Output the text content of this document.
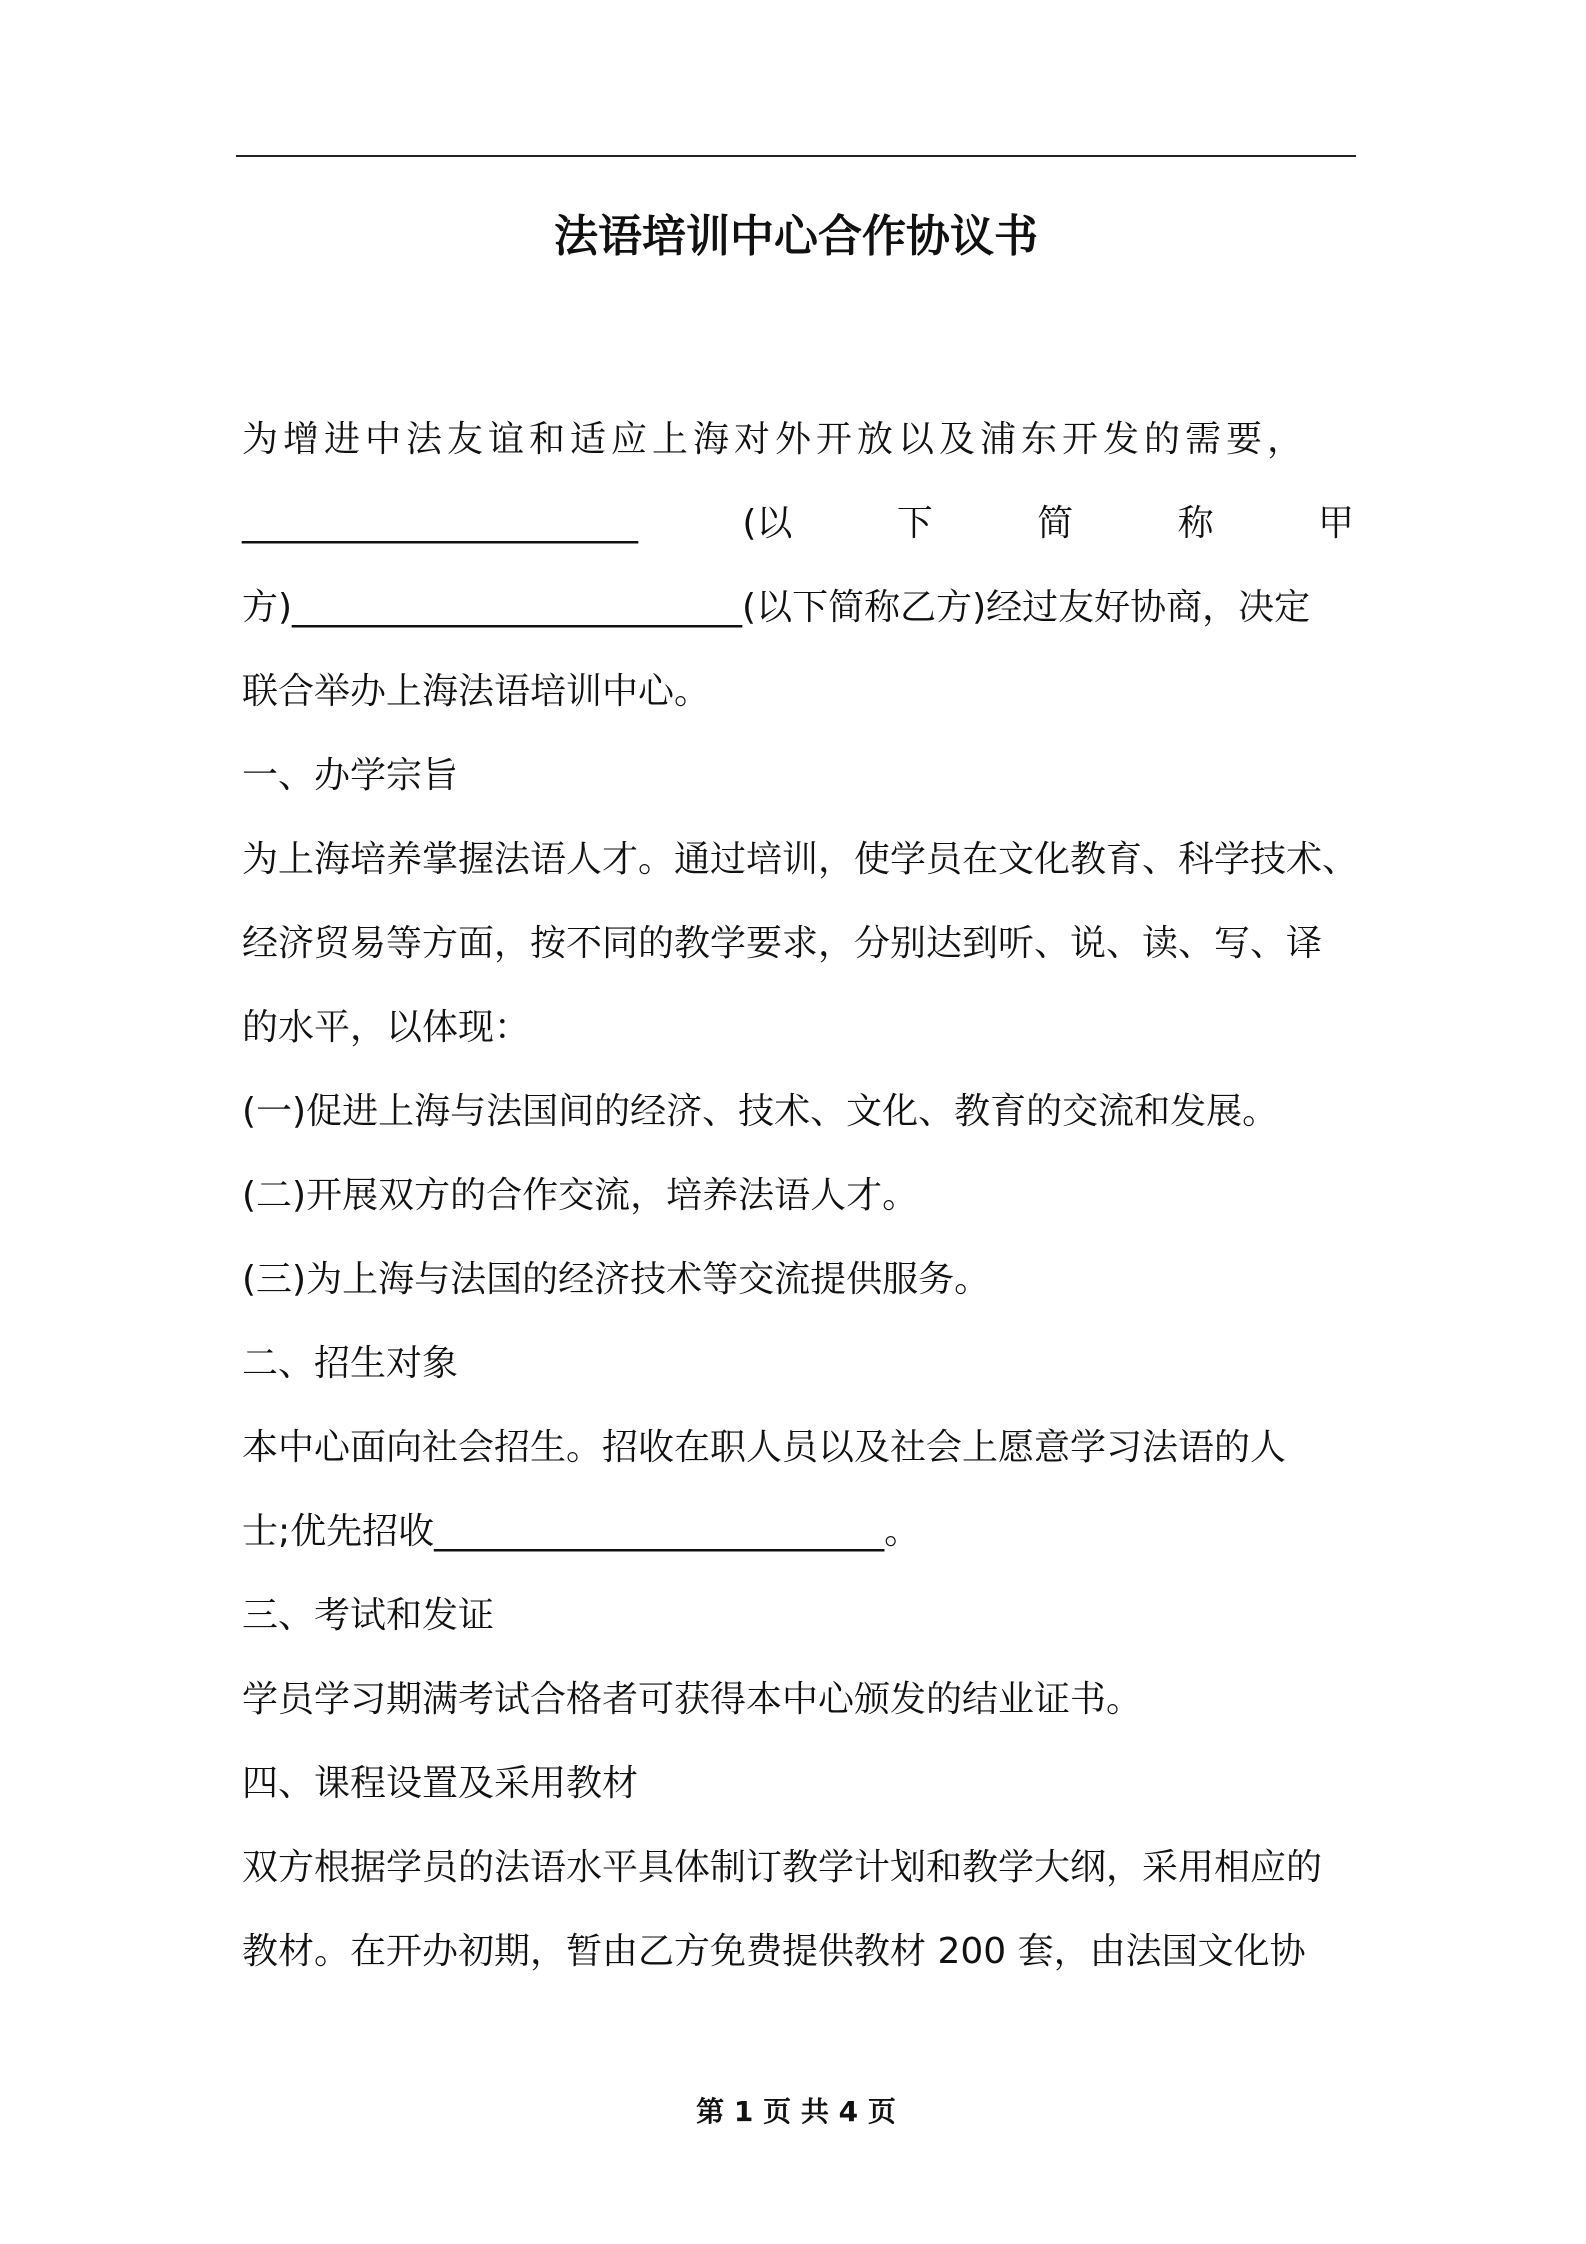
法语培训中心合作协议书

为增进中法友谊和适应上海对外开放以及浦东开发的需要，

______________________	(以	下	简	称	甲

方)_________________________(以下简称乙方)经过友好协商，决定

联合举办上海法语培训中心。

一、办学宗旨

为上海培养掌握法语人才。通过培训，使学员在文化教育、科学技术、

经济贸易等方面，按不同的教学要求，分别达到听、说、读、写、译

的水平，以体现：

(一)促进上海与法国间的经济、技术、文化、教育的交流和发展。

(二)开展双方的合作交流，培养法语人才。

(三)为上海与法国的经济技术等交流提供服务。

二、招生对象

本中心面向社会招生。招收在职人员以及社会上愿意学习法语的人

士;优先招收_________________________。

三、考试和发证

学员学习期满考试合格者可获得本中心颁发的结业证书。

四、课程设置及采用教材

双方根据学员的法语水平具体制订教学计划和教学大纲，采用相应的

教材。在开办初期，暂由乙方免费提供教材 200 套，由法国文化协

第 1 页 共 4 页
